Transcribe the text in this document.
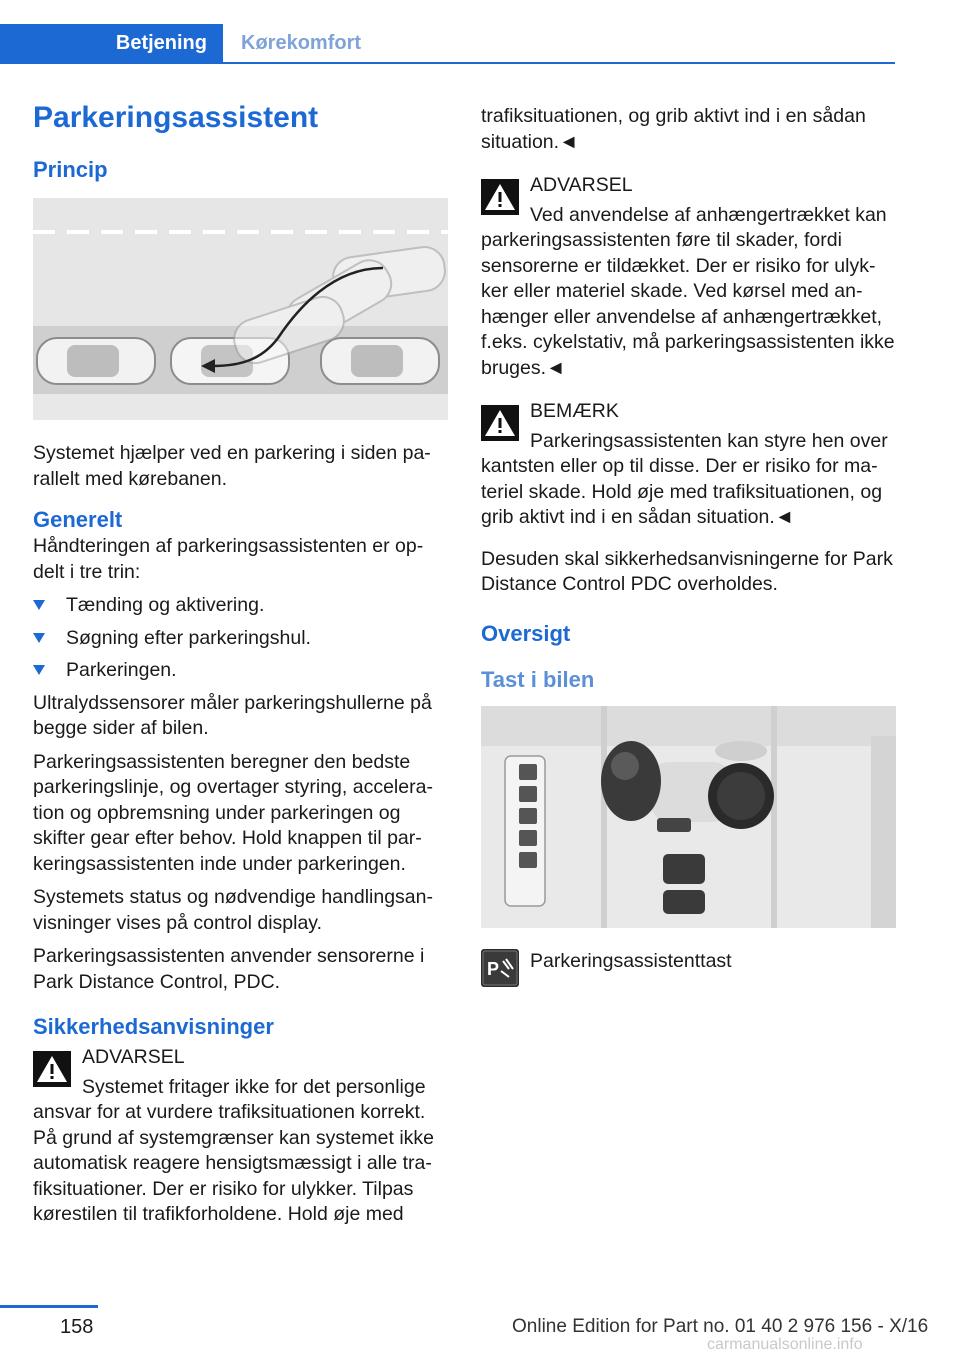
Betjening	Kørekomfort
Parkeringsassistent
Princip

Systemet hjælper ved en parkering i siden pa-rallelt med kørebanen.

Generelt

Håndteringen af parkeringsassistenten er op-delt i tre trin:

Tænding og aktivering.
Søgning efter parkeringshul.
Parkeringen.

Ultralydssensorer måler parkeringshullerne på begge sider af bilen.

Parkeringsassistenten beregner den bedste parkeringslinje, og overtager styring, accelera-tion og opbremsning under parkeringen og skifter gear efter behov. Hold knappen til par-keringsassistenten inde under parkeringen.

Systemets status og nødvendige handlingsan-visninger vises på control display.

Parkeringsassistenten anvender sensorerne i Park Distance Control, PDC.

Sikkerhedsanvisninger
ADVARSEL

Systemet fritager ikke for det personlige ansvar for at vurdere trafiksituationen korrekt. På grund af systemgrænser kan systemet ikke automatisk reagere hensigtsmæssigt i alle tra-fiksituationer. Der er risiko for ulykker. Tilpas kørestilen til trafikforholdene. Hold øje med

trafiksituationen, og grib aktivt ind i en sådan situation.◄

ADVARSEL

Ved anvendelse af anhængertrækket kan parkeringsassistenten føre til skader, fordi sensorerne er tildækket. Der er risiko for ulyk-ker eller materiel skade. Ved kørsel med an-hænger eller anvendelse af anhængertrækket, f.eks. cykelstativ, må parkeringsassistenten ikke bruges.◄

BEMÆRK

Parkeringsassistenten kan styre hen over kantsten eller op til disse. Der er risiko for ma-teriel skade. Hold øje med trafiksituationen, og grib aktivt ind i en sådan situation.◄

Desuden skal sikkerhedsanvisningerne for Park Distance Control PDC overholdes.

Oversigt
Tast i bilen
P Parkeringsassistenttast
158	Online Edition for Part no. 01 40 2 976 156 - X/16
carmanualsonline.info
